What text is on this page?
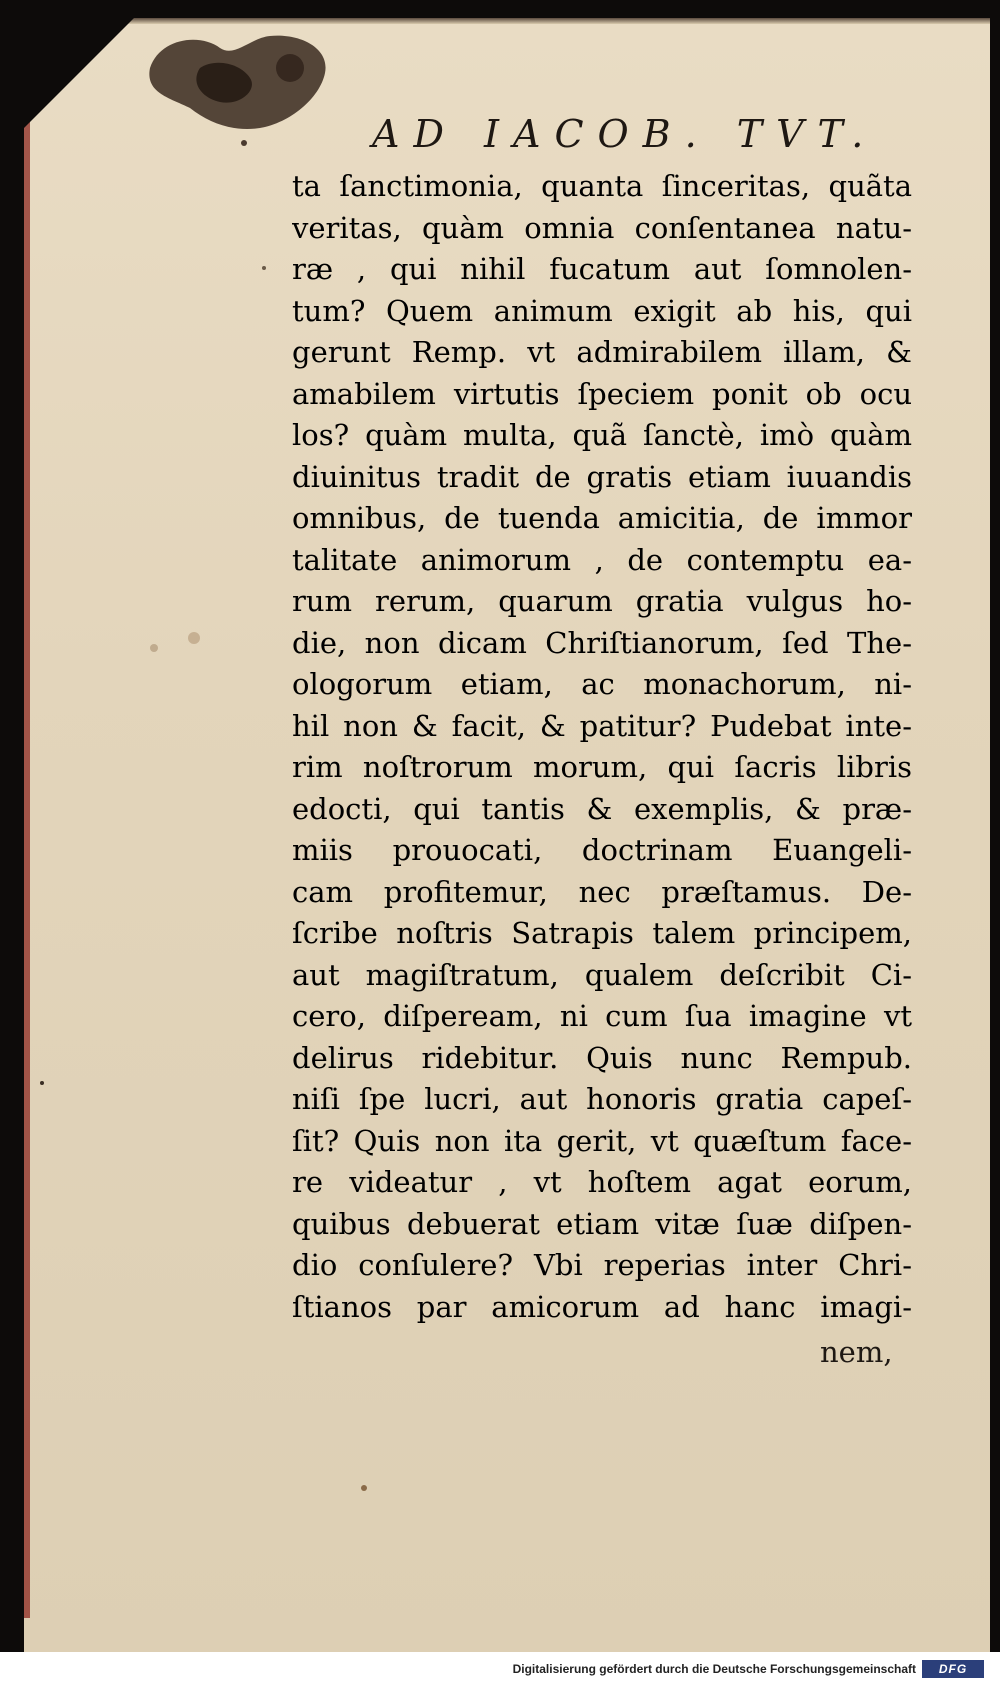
AD IACOB. TVT.
ta ſanctimonia, quanta ſinceritas, quãta
veritas, quàm omnia conſentanea natu-
ræ , qui nihil fucatum aut ſomnolen-
tum? Quem animum exigit ab his, qui
gerunt Remp. vt admirabilem illam, &
amabilem virtutis ſpeciem ponit ob ocu
los? quàm multa, quã ſanctè, imò quàm
diuinitus tradit de gratis etiam iuuandis
omnibus, de tuenda amicitia, de immor
talitate animorum , de contemptu ea-
rum rerum, quarum gratia vulgus ho-
die, non dicam Chriſtianorum, ſed The-
ologorum etiam, ac monachorum, ni-
hil non & facit, & patitur? Pudebat inte-
rim noſtrorum morum, qui ſacris libris
edocti, qui tantis & exemplis, & præ-
miis prouocati, doctrinam Euangeli-
cam profitemur, nec præſtamus. De-
ſcribe noſtris Satrapis talem principem,
aut magiſtratum, qualem deſcribit Ci-
cero, diſpeream, ni cum ſua imagine vt
delirus ridebitur. Quis nunc Rempub.
niſi ſpe lucri, aut honoris gratia capeſ-
ſit? Quis non ita gerit, vt quæſtum face-
re videatur , vt hoſtem agat eorum,
quibus debuerat etiam vitæ ſuæ diſpen-
dio conſulere? Vbi reperias inter Chri-
ſtianos par amicorum ad hanc imagi-
nem,
Digitalisierung gefördert durch die Deutsche Forschungsgemeinschaft	DFG
